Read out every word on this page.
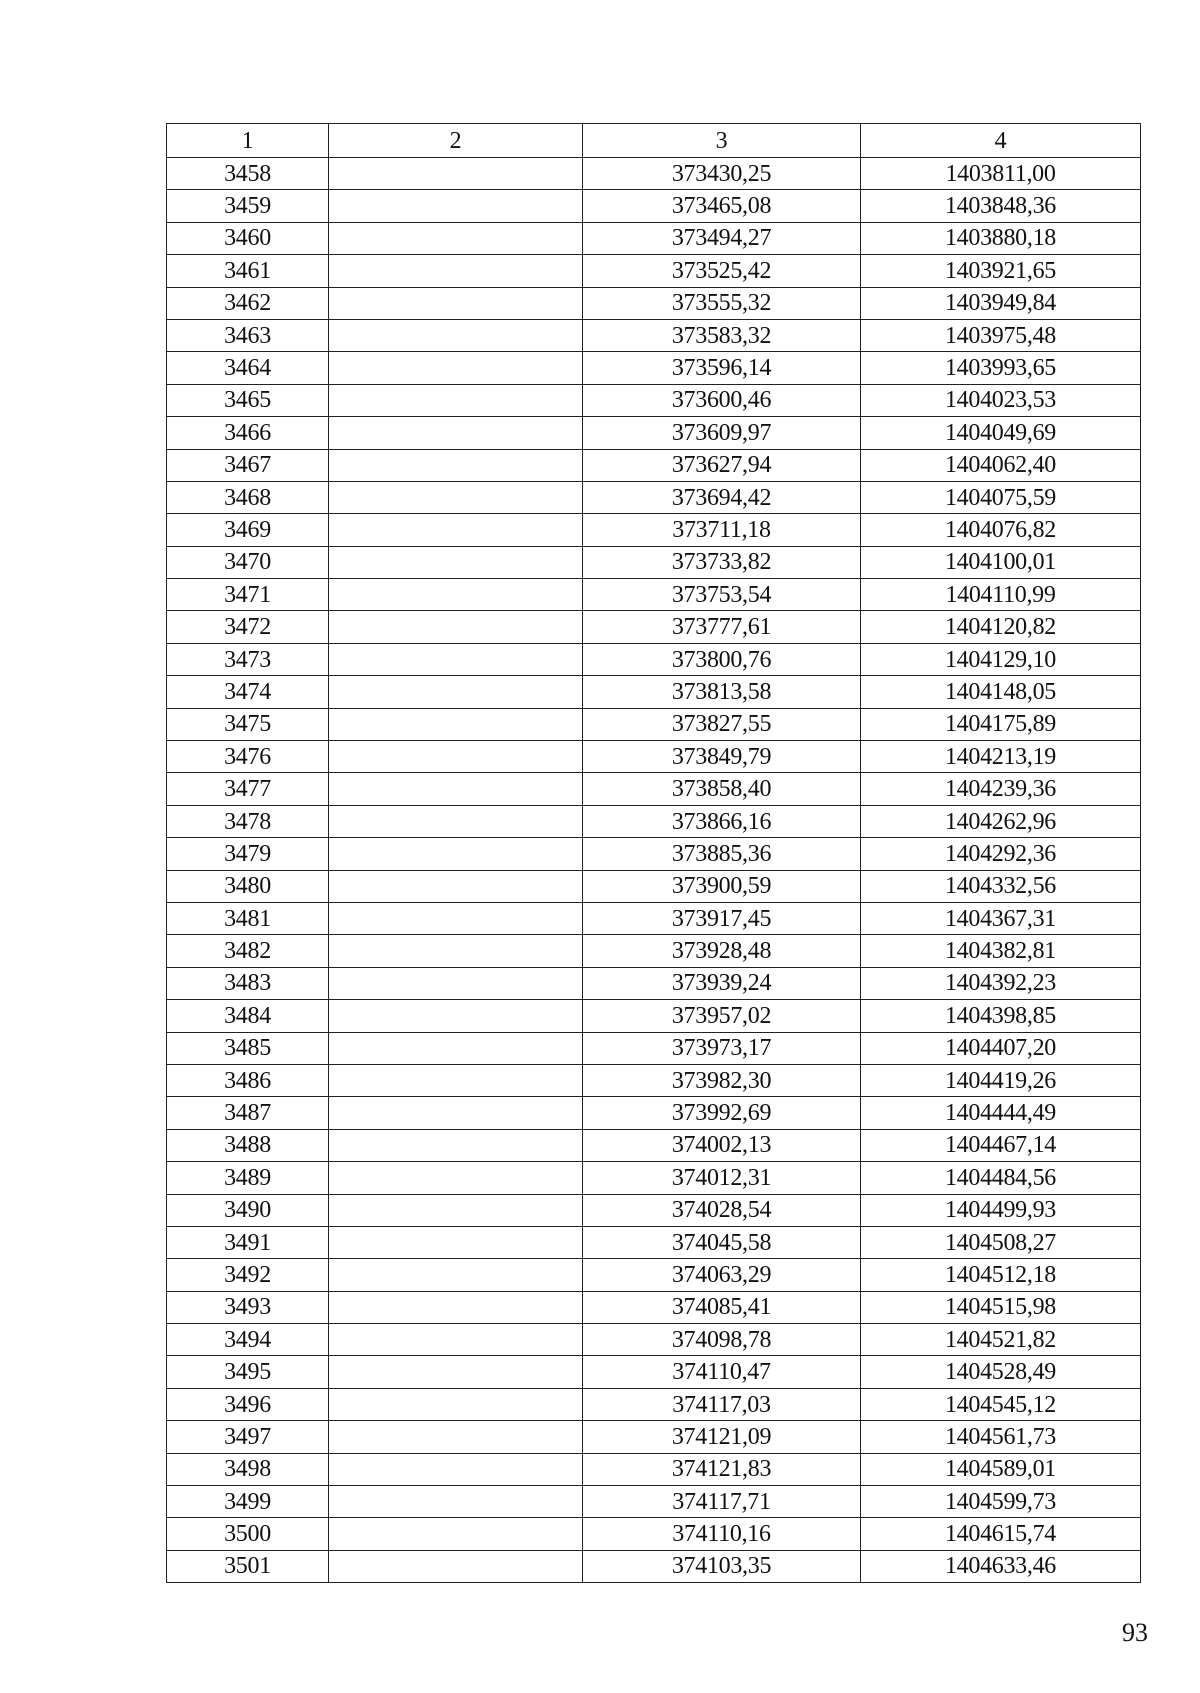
1	2	3	4
3458		373430,25	1403811,00
3459		373465,08	1403848,36
3460		373494,27	1403880,18
3461		373525,42	1403921,65
3462		373555,32	1403949,84
3463		373583,32	1403975,48
3464		373596,14	1403993,65
3465		373600,46	1404023,53
3466		373609,97	1404049,69
3467		373627,94	1404062,40
3468		373694,42	1404075,59
3469		373711,18	1404076,82
3470		373733,82	1404100,01
3471		373753,54	1404110,99
3472		373777,61	1404120,82
3473		373800,76	1404129,10
3474		373813,58	1404148,05
3475		373827,55	1404175,89
3476		373849,79	1404213,19
3477		373858,40	1404239,36
3478		373866,16	1404262,96
3479		373885,36	1404292,36
3480		373900,59	1404332,56
3481		373917,45	1404367,31
3482		373928,48	1404382,81
3483		373939,24	1404392,23
3484		373957,02	1404398,85
3485		373973,17	1404407,20
3486		373982,30	1404419,26
3487		373992,69	1404444,49
3488		374002,13	1404467,14
3489		374012,31	1404484,56
3490		374028,54	1404499,93
3491		374045,58	1404508,27
3492		374063,29	1404512,18
3493		374085,41	1404515,98
3494		374098,78	1404521,82
3495		374110,47	1404528,49
3496		374117,03	1404545,12
3497		374121,09	1404561,73
3498		374121,83	1404589,01
3499		374117,71	1404599,73
3500		374110,16	1404615,74
3501		374103,35	1404633,46
93
